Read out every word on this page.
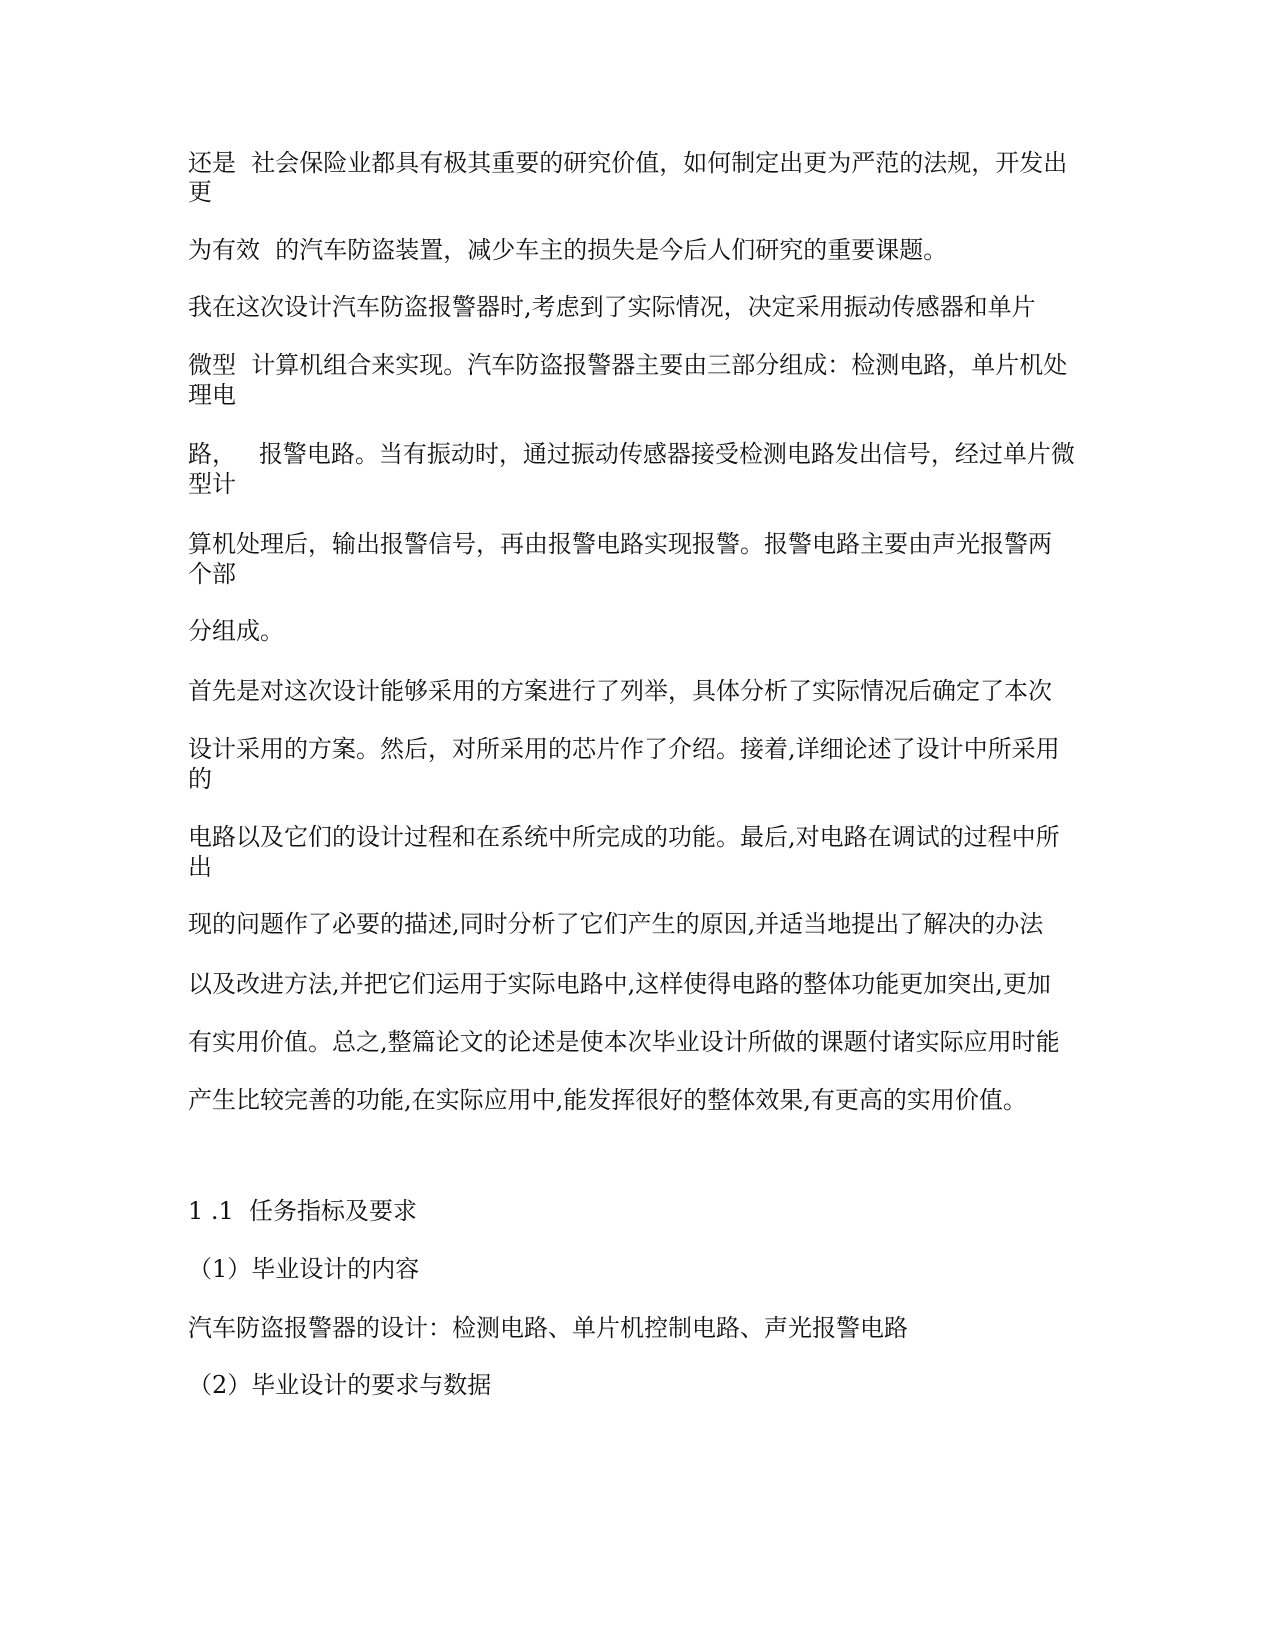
还是  社会保险业都具有极其重要的研究价值，如何制定出更为严范的法规，开发出

更

为有效  的汽车防盗装置，减少车主的损失是今后人们研究的重要课题。

我在这次设计汽车防盗报警器时,考虑到了实际情况，决定采用振动传感器和单片

微型  计算机组合来实现。汽车防盗报警器主要由三部分组成：检测电路，单片机处

理电

路，   报警电路。当有振动时，通过振动传感器接受检测电路发出信号，经过单片微

型计

算机处理后，输出报警信号，再由报警电路实现报警。报警电路主要由声光报警两

个部

分组成。

首先是对这次设计能够采用的方案进行了列举，具体分析了实际情况后确定了本次

设计采用的方案。然后，对所采用的芯片作了介绍。接着,详细论述了设计中所采用

的

电路以及它们的设计过程和在系统中所完成的功能。最后,对电路在调试的过程中所

出

现的问题作了必要的描述,同时分析了它们产生的原因,并适当地提出了解决的办法

以及改进方法,并把它们运用于实际电路中,这样使得电路的整体功能更加突出,更加

有实用价值。总之,整篇论文的论述是使本次毕业设计所做的课题付诸实际应用时能

产生比较完善的功能,在实际应用中,能发挥很好的整体效果,有更高的实用价值。

1 .1  任务指标及要求

（1）毕业设计的内容

汽车防盗报警器的设计：检测电路、单片机控制电路、声光报警电路

（2）毕业设计的要求与数据
